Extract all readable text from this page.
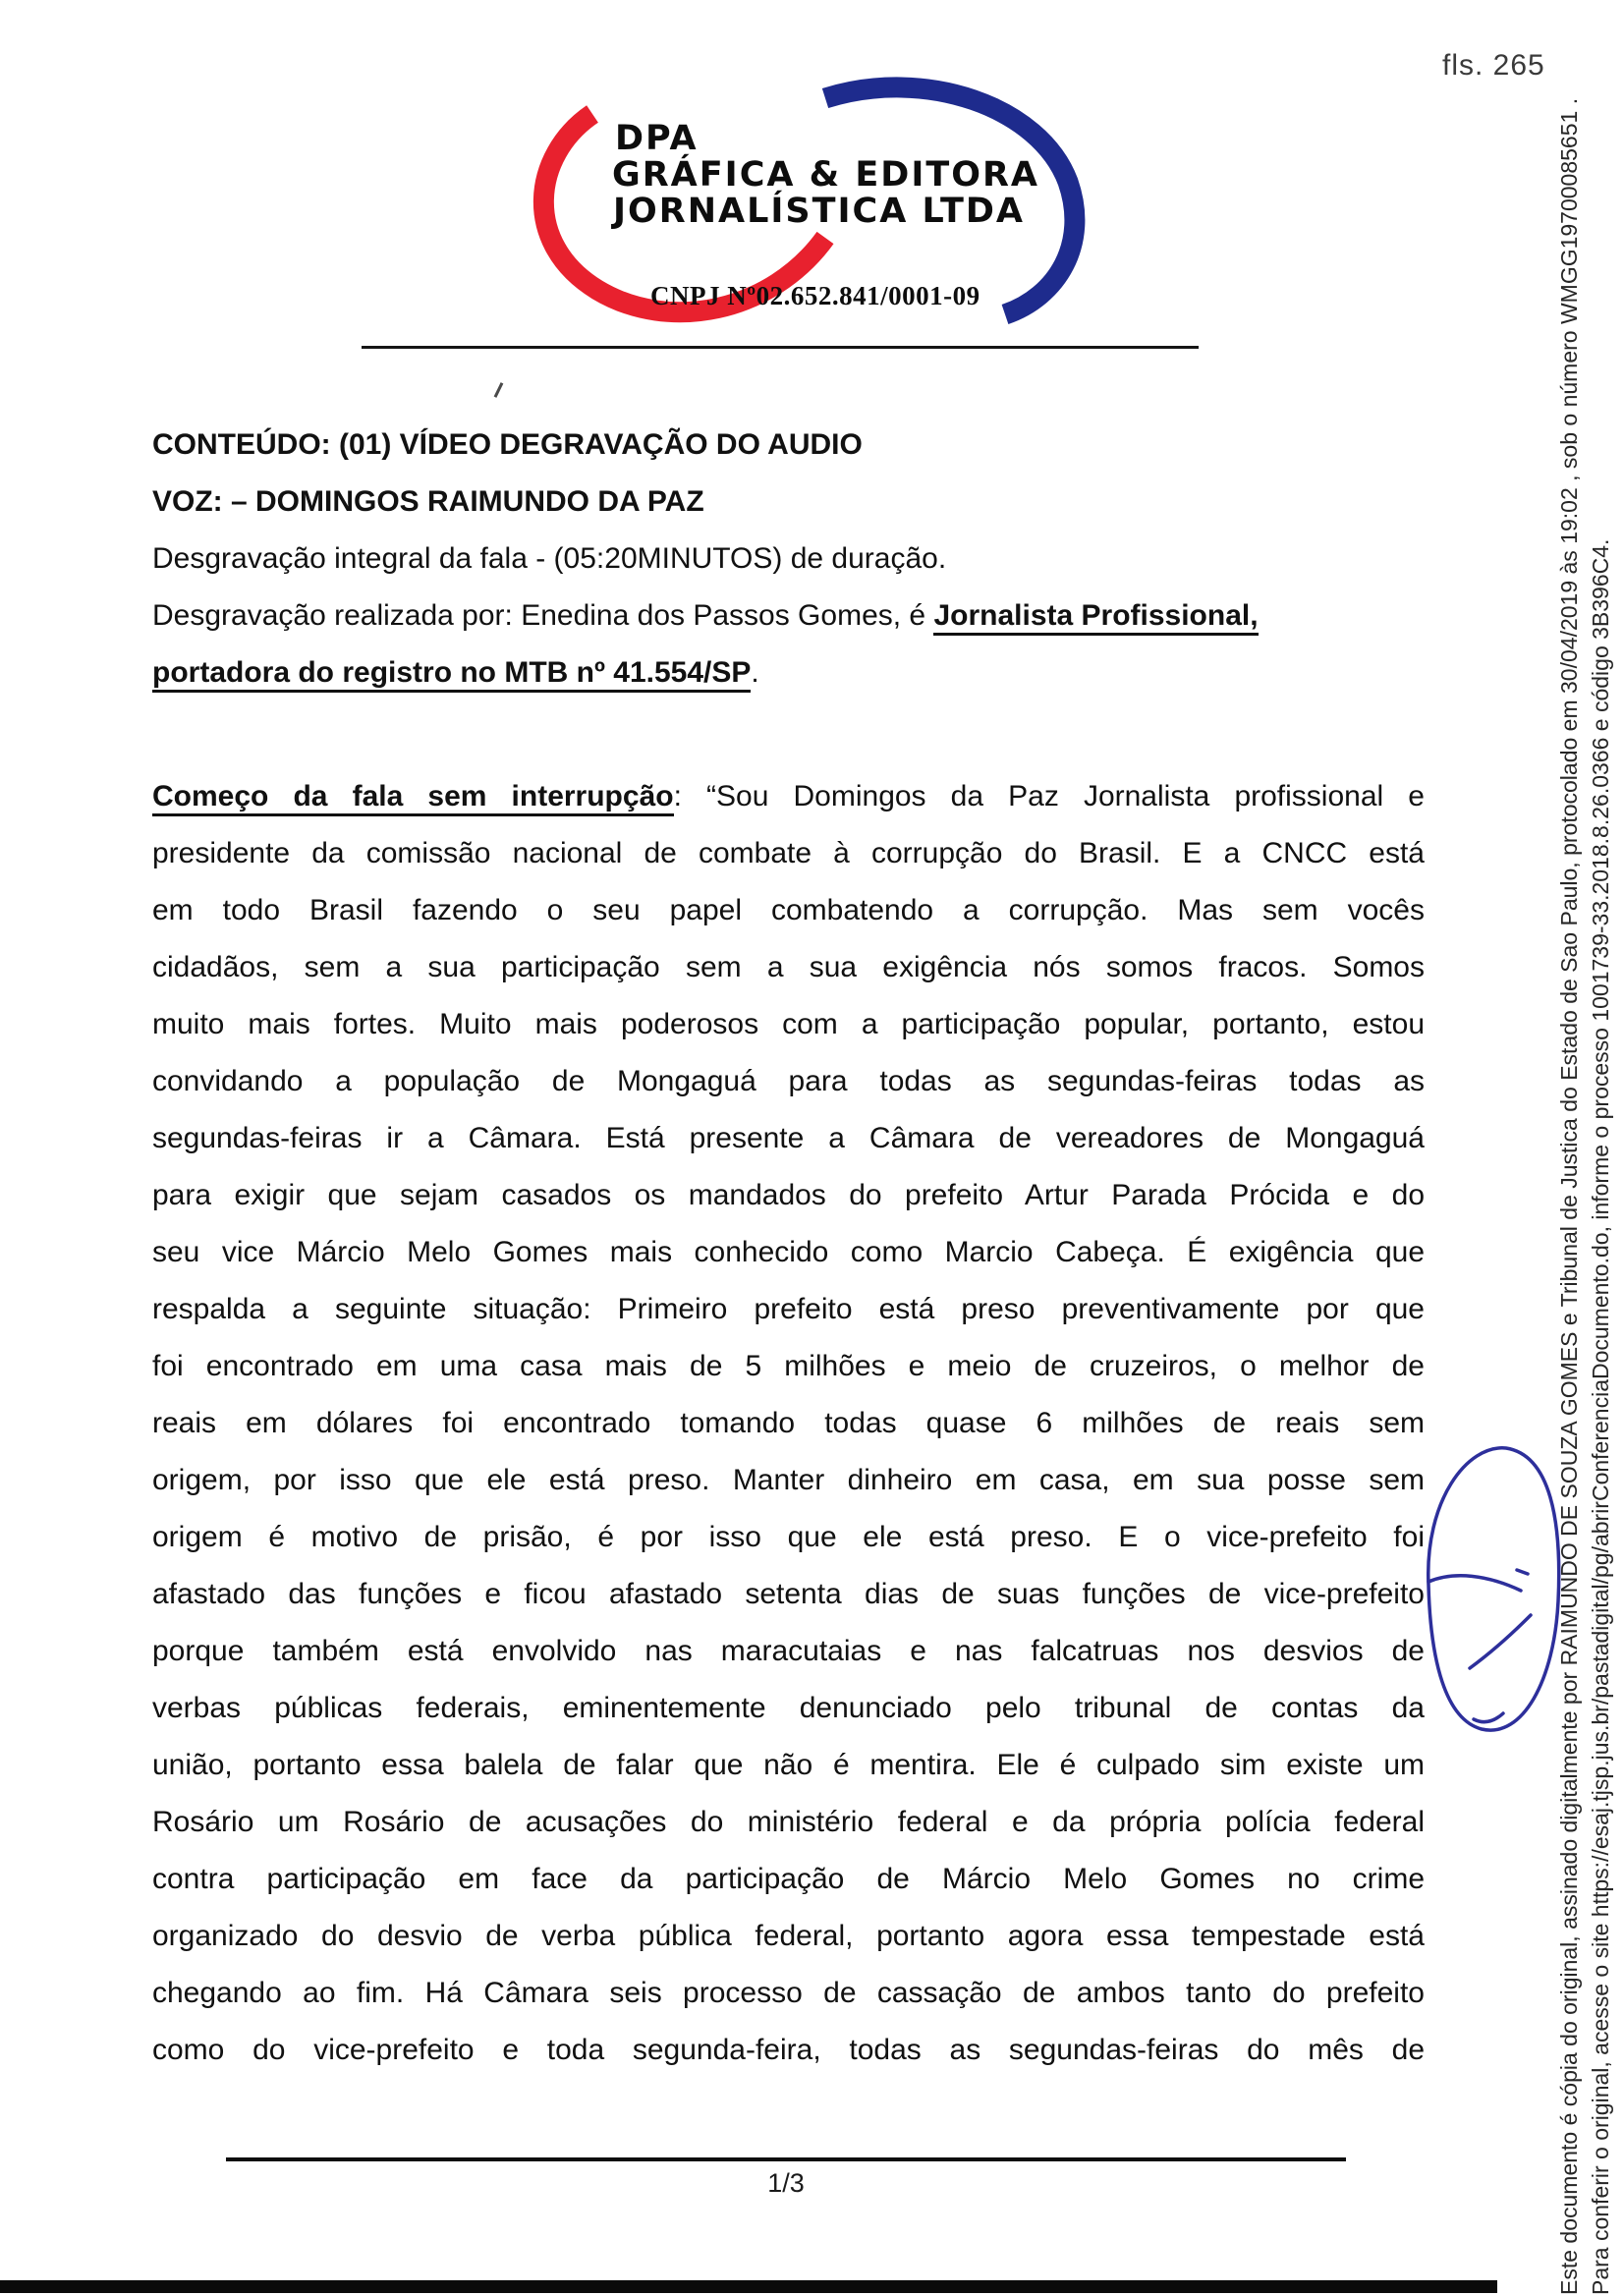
fls. 265
DPA
GRÁFICA & EDITORA
JORNALÍSTICA LTDA
CNPJ Nº02.652.841/0001-09
CONTEÚDO: (01) VÍDEO DEGRAVAÇÃO DO AUDIO
VOZ: – DOMINGOS RAIMUNDO DA PAZ
Desgravação integral da fala - (05:20MINUTOS) de duração.
Desgravação realizada por: Enedina dos Passos Gomes, é Jornalista Profissional,
portadora do registro no MTB nº 41.554/SP.
Começo da fala sem interrupção: “Sou Domingos da Paz Jornalista profissional e
presidente da comissão nacional de combate à corrupção do Brasil. E a CNCC está
em todo Brasil fazendo o seu papel combatendo a corrupção. Mas sem vocês
cidadãos, sem a sua participação sem a sua exigência nós somos fracos. Somos
muito mais fortes. Muito mais poderosos com a participação popular, portanto, estou
convidando a população de Mongaguá para todas as segundas-feiras todas as
segundas-feiras ir a Câmara. Está presente a Câmara de vereadores de Mongaguá
para exigir que sejam casados os mandados do prefeito Artur Parada Prócida e do
seu vice Márcio Melo Gomes mais conhecido como Marcio Cabeça. É exigência que
respalda a seguinte situação: Primeiro prefeito está preso preventivamente por que
foi encontrado em uma casa mais de 5 milhões e meio de cruzeiros, o melhor de
reais em dólares foi encontrado tomando todas quase 6 milhões de reais sem
origem, por isso que ele está preso. Manter dinheiro em casa, em sua posse sem
origem é motivo de prisão, é por isso que ele está preso. E o vice-prefeito foi
afastado das funções e ficou afastado setenta dias de suas funções de vice-prefeito
porque também está envolvido nas maracutaias e nas falcatruas nos desvios de
verbas públicas federais, eminentemente denunciado pelo tribunal de contas da
união, portanto essa balela de falar que não é mentira. Ele é culpado sim existe um
Rosário um Rosário de acusações do ministério federal e da própria polícia federal
contra participação em face da participação de Márcio Melo Gomes no crime
organizado do desvio de verba pública federal, portanto agora essa tempestade está
chegando ao fim. Há Câmara seis processo de cassação de ambos tanto do prefeito
como do vice-prefeito e toda segunda-feira, todas as segundas-feiras do mês de
1/3	Este documento é cópia do original, assinado digitalmente por RAIMUNDO DE SOUZA GOMES e Tribunal de Justica do Estado de Sao Paulo, protocolado em 30/04/2019 às 19:02 , sob o número WMGG19700085651 . Para conferir o original, acesse o site https://esaj.tjsp.jus.br/pastadigital/pg/abrirConferenciaDocumento.do, informe o processo 1001739-33.2018.8.26.0366 e código 3B396C4.
